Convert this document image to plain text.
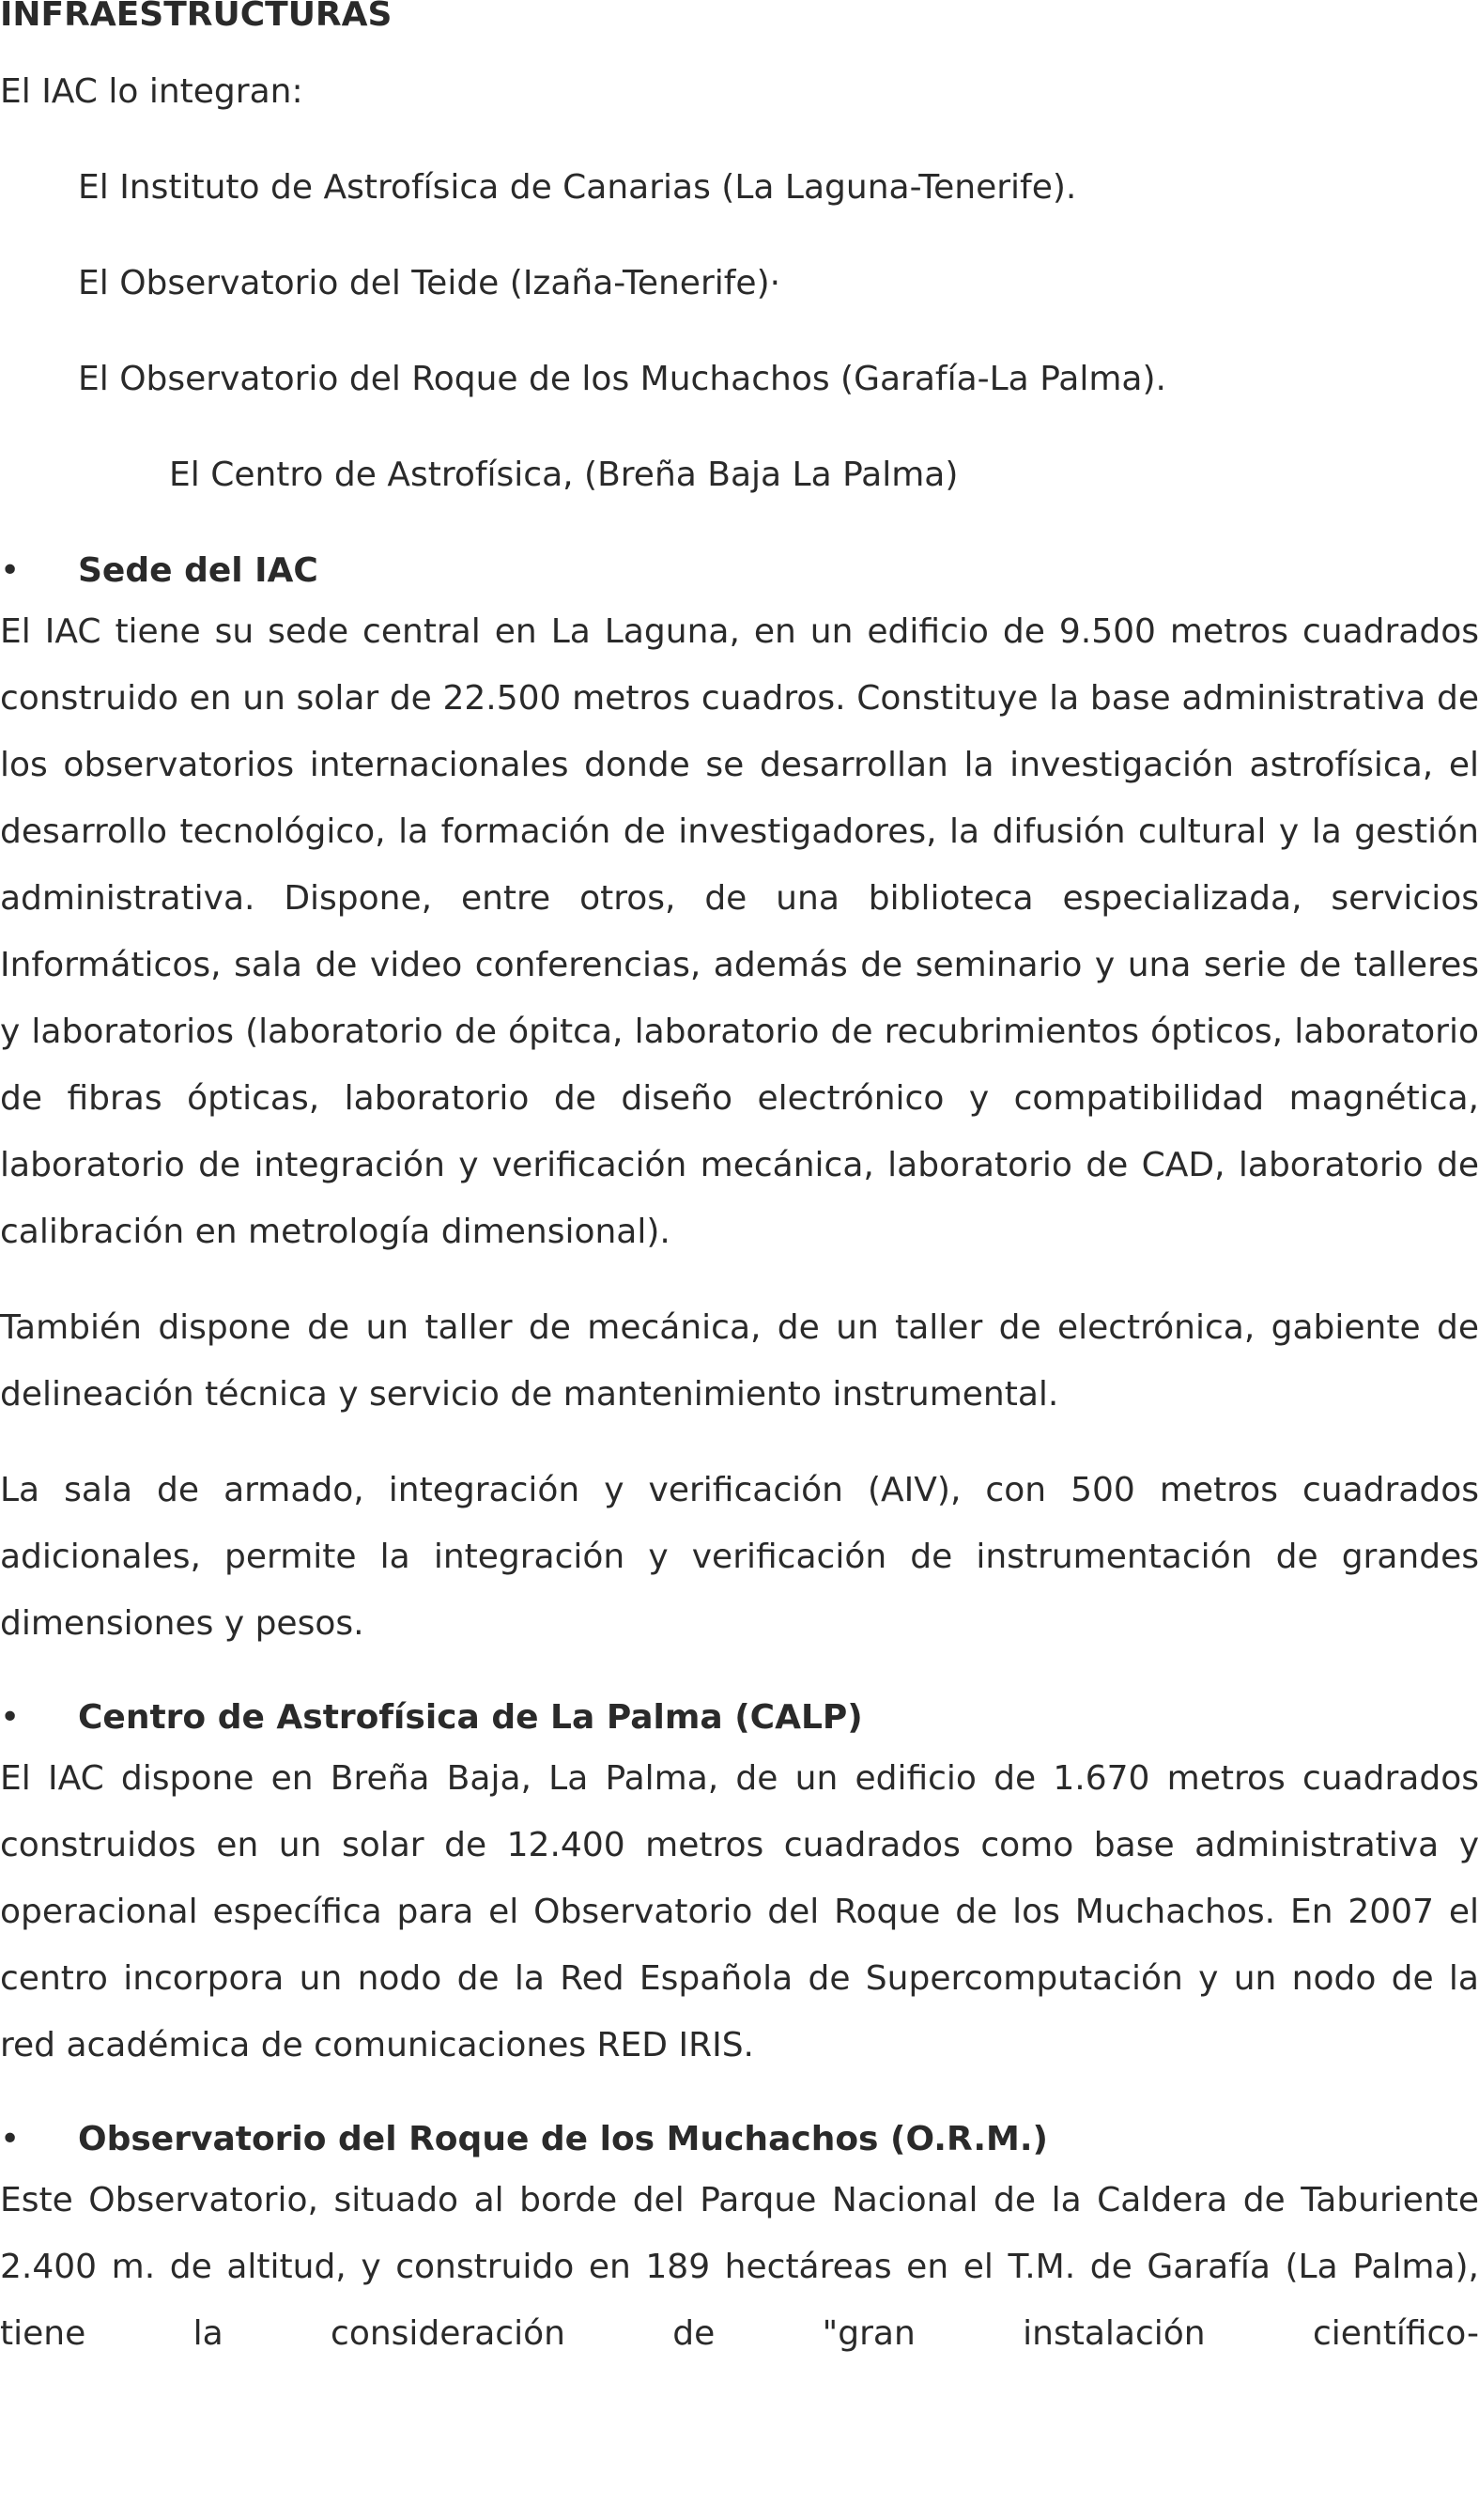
INFRAESTRUCTURAS
El IAC lo integran:
El Instituto de Astrofísica de Canarias (La Laguna-Tenerife).
El Observatorio del Teide (Izaña-Tenerife)·
El Observatorio del Roque de los Muchachos (Garafía-La Palma).
El Centro de Astrofísica, (Breña Baja La Palma)
• Sede del IAC
El IAC tiene su sede central en La Laguna, en un edificio de 9.500 metros cuadrados construido en un solar de 22.500 metros cuadros. Constituye la base administrativa de los observatorios internacionales donde se desarrollan la investigación astrofísica, el desarrollo tecnológico, la formación de investigadores, la difusión cultural y la gestión administrativa. Dispone, entre otros, de una biblioteca especializada, servicios Informáticos, sala de video conferencias, además de seminario y una serie de talleres y laboratorios (laboratorio de ópitca, laboratorio de recubrimientos ópticos, laboratorio de fibras ópticas, laboratorio de diseño electrónico y compatibilidad magnética, laboratorio de integración y verificación mecánica, laboratorio de CAD, laboratorio de calibración en metrología dimensional).
También dispone de un taller de mecánica, de un taller de electrónica, gabiente de delineación técnica y servicio de mantenimiento instrumental.
La sala de armado, integración y verificación (AIV), con 500 metros cuadrados adicionales, permite la integración y verificación de instrumentación de grandes dimensiones y pesos.
• Centro de Astrofísica de La Palma (CALP)
El IAC dispone en Breña Baja, La Palma, de un edificio de 1.670 metros cuadrados construidos en un solar de 12.400 metros cuadrados como base administrativa y operacional específica para el Observatorio del Roque de los Muchachos. En 2007 el centro incorpora un nodo de la Red Española de Supercomputación y un nodo de la red académica de comunicaciones RED IRIS.
• Observatorio del Roque de los Muchachos (O.R.M.)
Este Observatorio, situado al borde del Parque Nacional de la Caldera de Taburiente 2.400 m. de altitud, y construido en 189 hectáreas en el T.M. de Garafía (La Palma), tiene la consideración de "gran instalación científico-
